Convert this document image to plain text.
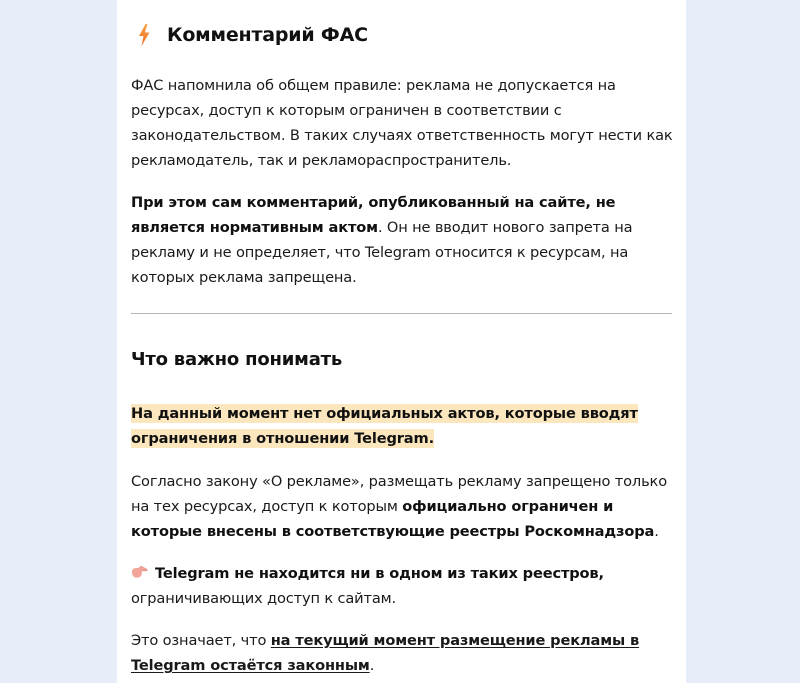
Комментарий ФАС

ФАС напомнила об общем правиле: реклама не допускается на ресурсах, доступ к которым ограничен в соответствии с законодательством. В таких случаях ответственность могут нести как рекламодатель, так и рекламораспространитель.

При этом сам комментарий, опубликованный на сайте, не является нормативным актом. Он не вводит нового запрета на рекламу и не определяет, что Telegram относится к ресурсам, на которых реклама запрещена.

Что важно понимать

На данный момент нет официальных актов, которые вводят ограничения в отношении Telegram.

Согласно закону «О рекламе», размещать рекламу запрещено только на тех ресурсах, доступ к которым официально ограничен и которые внесены в соответствующие реестры Роскомнадзора.

Telegram не находится ни в одном из таких реестров, ограничивающих доступ к сайтам.

Это означает, что на текущий момент размещение рекламы в Telegram остаётся законным.
